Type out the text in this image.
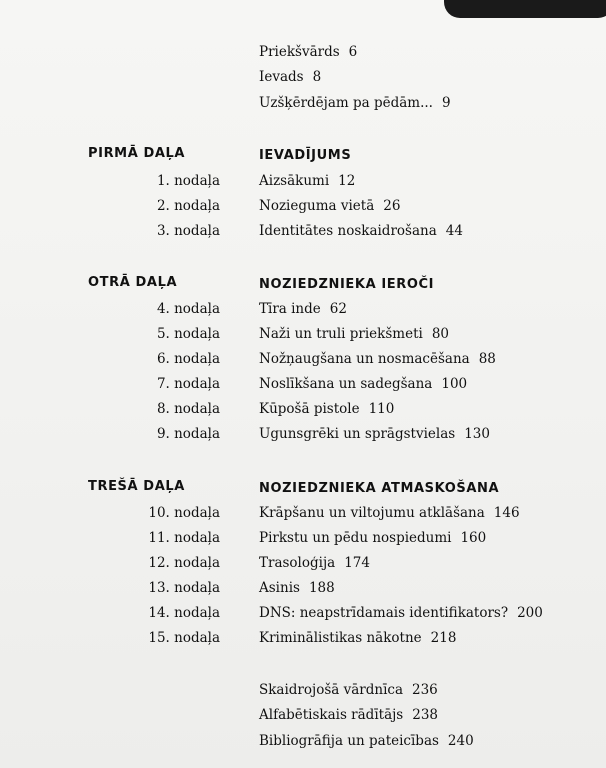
Priekšvārds 6
Ievads 8
Uzšķērdējam pa pēdām... 9
PIRMĀ DAĻA	IEVADĪJUMS
1. nodaļa	Aizsākumi 12
2. nodaļa	Nozieguma vietā 26
3. nodaļa	Identitātes noskaidrošana 44
OTRĀ DAĻA	NOZIEDZNIEKA IEROČI
4. nodaļa	Tīra inde 62
5. nodaļa	Naži un truli priekšmeti 80
6. nodaļa	Nožņaugšana un nosmacēšana 88
7. nodaļa	Noslīkšana un sadegšana 100
8. nodaļa	Kūpošā pistole 110
9. nodaļa	Ugunsgrēki un sprāgstvielas 130
TREŠĀ DAĻA	NOZIEDZNIEKA ATMASKOŠANA
10. nodaļa	Krāpšanu un viltojumu atklāšana 146
11. nodaļa	Pirkstu un pēdu nospiedumi 160
12. nodaļa	Trasoloģija 174
13. nodaļa	Asinis 188
14. nodaļa	DNS: neapstrīdamais identifikators? 200
15. nodaļa	Kriminālistikas nākotne 218
Skaidrojošā vārdnīca 236
Alfabētiskais rādītājs 238
Bibliogrāfija un pateicības 240
